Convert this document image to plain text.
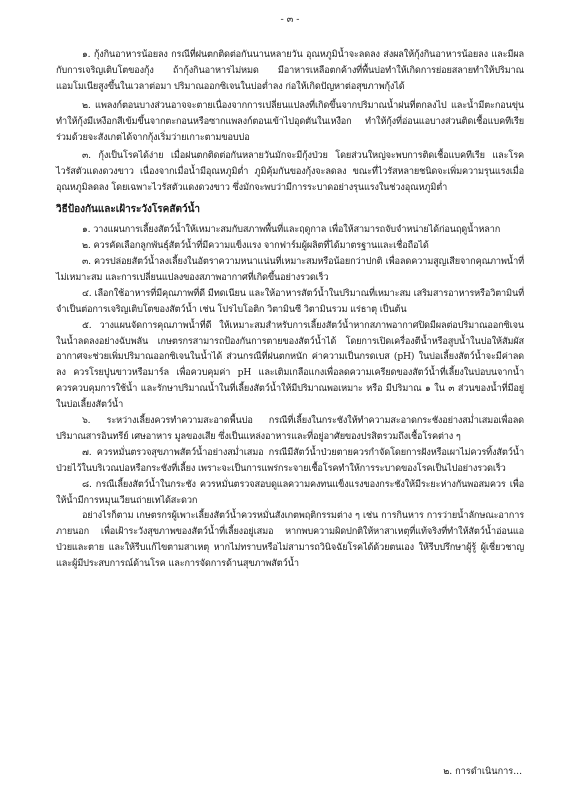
- ๓ -

๑. กุ้งกินอาหารน้อยลง กรณีที่ฝนตกติดต่อกันนานหลายวัน อุณหภูมิน้ำจะลดลง ส่งผลให้กุ้งกินอาหารน้อยลง และมีผลกับการเจริญเติบโตของกุ้ง ถ้ากุ้งกินอาหารไม่หมด มีอาหารเหลือตกค้างที่พื้นบ่อทำให้เกิดการย่อยสลายทำให้ปริมาณแอมโมเนียสูงขึ้นในเวลาต่อมา ปริมาณออกซิเจนในบ่อต่ำลง ก่อให้เกิดปัญหาต่อสุขภาพกุ้งได้

๒. แพลงก์ตอนบางส่วนอาจจะตายเนื่องจากการเปลี่ยนแปลงที่เกิดขึ้นจากปริมาณน้ำฝนที่ตกลงไป และน้ำมีตะกอนขุ่นทำให้กุ้งมีเหงือกสีเข้มขึ้นจากตะกอนหรือซากแพลงก์ตอนเข้าไปอุดตันในเหงือก ทำให้กุ้งที่อ่อนแอบางส่วนติดเชื้อแบคทีเรียร่วมด้วยจะสังเกตได้จากกุ้งเริ่มว่ายเกาะตามขอบบ่อ

๓. กุ้งเป็นโรคได้ง่าย เมื่อฝนตกติดต่อกันหลายวันมักจะมีกุ้งป่วย โดยส่วนใหญ่จะพบการติดเชื้อแบคทีเรีย และโรคไวรัสตัวแดงดวงขาว เนื่องจากเมื่อน้ำมีอุณหภูมิต่ำ ภูมิคุ้มกันของกุ้งจะลดลง ขณะที่ไวรัสหลายชนิดจะเพิ่มความรุนแรงเมื่ออุณหภูมิลดลง โดยเฉพาะไวรัสตัวแดงดวงขาว ซึ่งมักจะพบว่ามีการระบาดอย่างรุนแรงในช่วงอุณหภูมิต่ำ

วิธีป้องกันและเฝ้าระวังโรคสัตว์น้ำ

๑. วางแผนการเลี้ยงสัตว์น้ำให้เหมาะสมกับสภาพพื้นที่และฤดูกาล เพื่อให้สามารถจับจำหน่ายได้ก่อนฤดูน้ำหลาก

๒. ควรคัดเลือกลูกพันธุ์สัตว์น้ำที่มีความแข็งแรง จากฟาร์มผู้ผลิตที่ได้มาตรฐานและเชื่อถือได้

๓. ควรปล่อยสัตว์น้ำลงเลี้ยงในอัตราความหนาแน่นที่เหมาะสมหรือน้อยกว่าปกติ เพื่อลดความสูญเสียจากคุณภาพน้ำที่ไม่เหมาะสม และการเปลี่ยนแปลงของสภาพอากาศที่เกิดขึ้นอย่างรวดเร็ว

๔. เลือกใช้อาหารที่มีคุณภาพที่ดี มีทดเนียน และให้อาหารสัตว์น้ำในปริมาณที่เหมาะสม เสริมสารอาหารหรือวิตามินที่จำเป็นต่อการเจริญเติบโตของสัตว์น้ำ เช่น โปรไบโอติก วิตามินซี วิตามินรวม แร่ธาตุ เป็นต้น

๕. วางแผนจัดการคุณภาพน้ำที่ดี ให้เหมาะสมสำหรับการเลี้ยงสัตว์น้ำหากสภาพอากาศปิดมีผลต่อปริมาณออกซิเจนในน้ำลดลงอย่างฉับพลัน เกษตรกรสามารถป้องกันการตายของสัตว์น้ำได้ โดยการเปิดเครื่องตีน้ำหรือสูบน้ำในบ่อให้สัมผัสอากาศจะช่วยเพิ่มปริมาณออกซิเจนในน้ำได้ ส่วนกรณีที่ฝนตกหนัก ค่าความเป็นกรดเบส (pH) ในบ่อเลี้ยงสัตว์น้ำจะมีค่าลดลง ควรโรยปูนขาวหรือมาร์ล เพื่อควบคุมค่า pH และเติมเกลือแกงเพื่อลดความเครียดของสัตว์น้ำที่เลี้ยงในบ่อบนจากน้ำ ควรควบคุมการใช้น้ำ และรักษาปริมาณน้ำในที่เลี้ยงสัตว์น้ำให้มีปริมาณพอเหมาะ หรือ มีปริมาณ ๑ ใน ๓ ส่วนของน้ำที่มีอยู่ในบ่อเลี้ยงสัตว์น้ำ

๖. ระหว่างเลี้ยงควรทำความสะอาดพื้นบ่อ กรณีที่เลี้ยงในกระชังให้ทำความสะอาดกระชังอย่างสม่ำเสมอเพื่อลดปริมาณสารอินทรีย์ เศษอาหาร มูลของเสีย ซึ่งเป็นแหล่งอาหารและที่อยู่อาศัยของปรสิตรวมถึงเชื้อโรคต่าง ๆ

๗. ควรหมั่นตรวจสุขภาพสัตว์น้ำอย่างสม่ำเสมอ กรณีมีสัตว์น้ำป่วยตายควรกำจัดโดยการฝังหรือเผาไม่ควรทิ้งสัตว์น้ำป่วยไว้ในบริเวณบ่อหรือกระชังที่เลี้ยง เพราะจะเป็นการแพร่กระจายเชื้อโรคทำให้การระบาดของโรคเป็นไปอย่างรวดเร็ว

๘. กรณีเลี้ยงสัตว์น้ำในกระชัง ควรหมั่นตรวจสอบดูแลความคงทนแข็งแรงของกระชังให้มีระยะห่างกันพอสมควร เพื่อให้น้ำมีการหมุนเวียนถ่ายเทได้สะดวก

อย่างไรก็ตาม เกษตรกรผู้เพาะเลี้ยงสัตว์น้ำควรหมั่นสังเกตพฤติกรรมต่าง ๆ เช่น การกินหาร การว่ายน้ำลักษณะอาการภายนอก เพื่อเฝ้าระวังสุขภาพของสัตว์น้ำที่เลี้ยงอยู่เสมอ หากพบความผิดปกติให้หาสาเหตุที่แท้จริงที่ทำให้สัตว์น้ำอ่อนแอ ป่วยและตาย และให้รีบแก้ไขตามสาเหตุ หากไม่ทราบหรือไม่สามารถวินิจฉัยโรคได้ด้วยตนเอง ให้รีบปรึกษาผู้รู้ ผู้เชี่ยวชาญ และผู้มีประสบการณ์ด้านโรค และการจัดการด้านสุขภาพสัตว์น้ำ

๒. การดำเนินการ...
